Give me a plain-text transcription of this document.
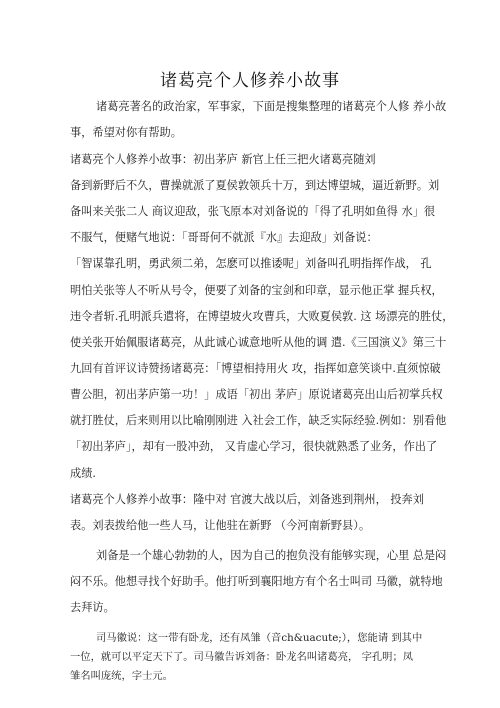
诸葛亮个人修养小故事
诸葛亮著名的政治家，军事家，下面是搜集整理的诸葛亮个人修 养小故
事，希望对你有帮助。
诸葛亮个人修养小故事：初出茅庐 新官上任三把火诸葛亮随刘
备到新野后不久，曹操就派了夏侯敦领兵十万，到达博望城，逼近新野。刘
备叫来关张二人 商议迎敌，张飞原本对刘备说的「得了孔明如鱼得 水」很
不服气，便赌气地说：「哥哥何不就派『水』去迎敌」刘备说：
「智谋靠孔明，勇武须二弟，怎麽可以推诿呢」刘备叫孔明指挥作战， 孔
明怕关张等人不听从号令，便要了刘备的宝剑和印章，显示他正掌 握兵权，
违令者斩.孔明派兵遣将，在博望坡火攻曹兵，大败夏侯敦. 这 场漂亮的胜仗，
使关张开始佩服诸葛亮，从此诚心诚意地听从他的调 遣.《三国演义》第三十
九回有首评议诗赞扬诸葛亮：「博望相持用火 攻，指挥如意笑谈中.直须惊破
曹公胆，初出茅庐第一功！」成语「初出 茅庐」原说诸葛亮出山后初掌兵权
就打胜仗，后来则用以比喻刚刚进 入社会工作，缺乏实际经验.例如：别看他
「初出茅庐」，却有一股冲劲， 又肯虚心学习，很快就熟悉了业务，作出了
成绩.
诸葛亮个人修养小故事：隆中对 官渡大战以后，刘备逃到荆州， 投奔刘
表。刘表拨给他一些人马，让他驻在新野 （今河南新野县）。
刘备是一个雄心勃勃的人，因为自己的抱负没有能够实现，心里 总是闷
闷不乐。他想寻找个好助手。他打听到襄阳地方有个名士叫司 马徽，就特地
去拜访。
司马徽说：这一带有卧龙，还有凤雏（音ch&uacute;），您能请 到其中
一位，就可以平定天下了。司马徽告诉刘备：卧龙名叫诸葛亮， 字孔明；凤
雏名叫庞统，字士元。
